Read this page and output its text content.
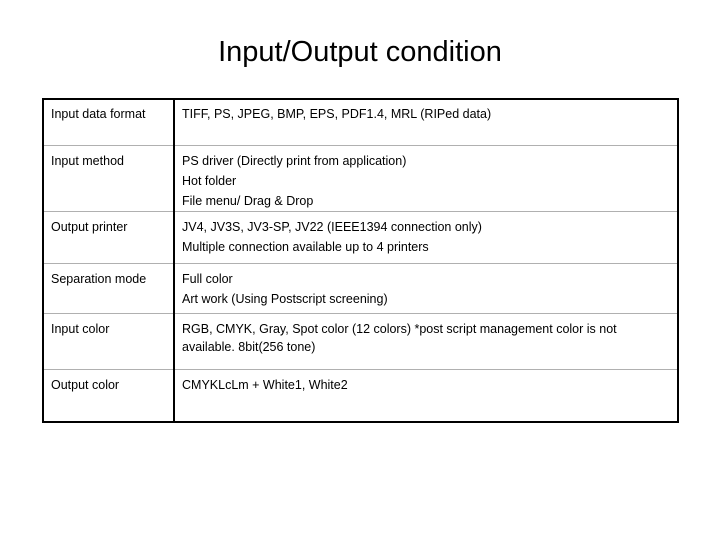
Input/Output condition
Input data format	TIFF, PS, JPEG, BMP, EPS, PDF1.4, MRL (RIPed data)

Input method	PS driver (Directly print from application)
Hot folder
File menu/ Drag & Drop

Output printer	JV4, JV3S, JV3-SP, JV22 (IEEE1394 connection only)
Multiple connection available up to 4 printers

Separation mode	Full color
Art work (Using Postscript screening)

Input color	RGB, CMYK, Gray, Spot color (12 colors) *post script management color is not available. 8bit(256 tone)

Output color	CMYKLcLm + White1, White2
